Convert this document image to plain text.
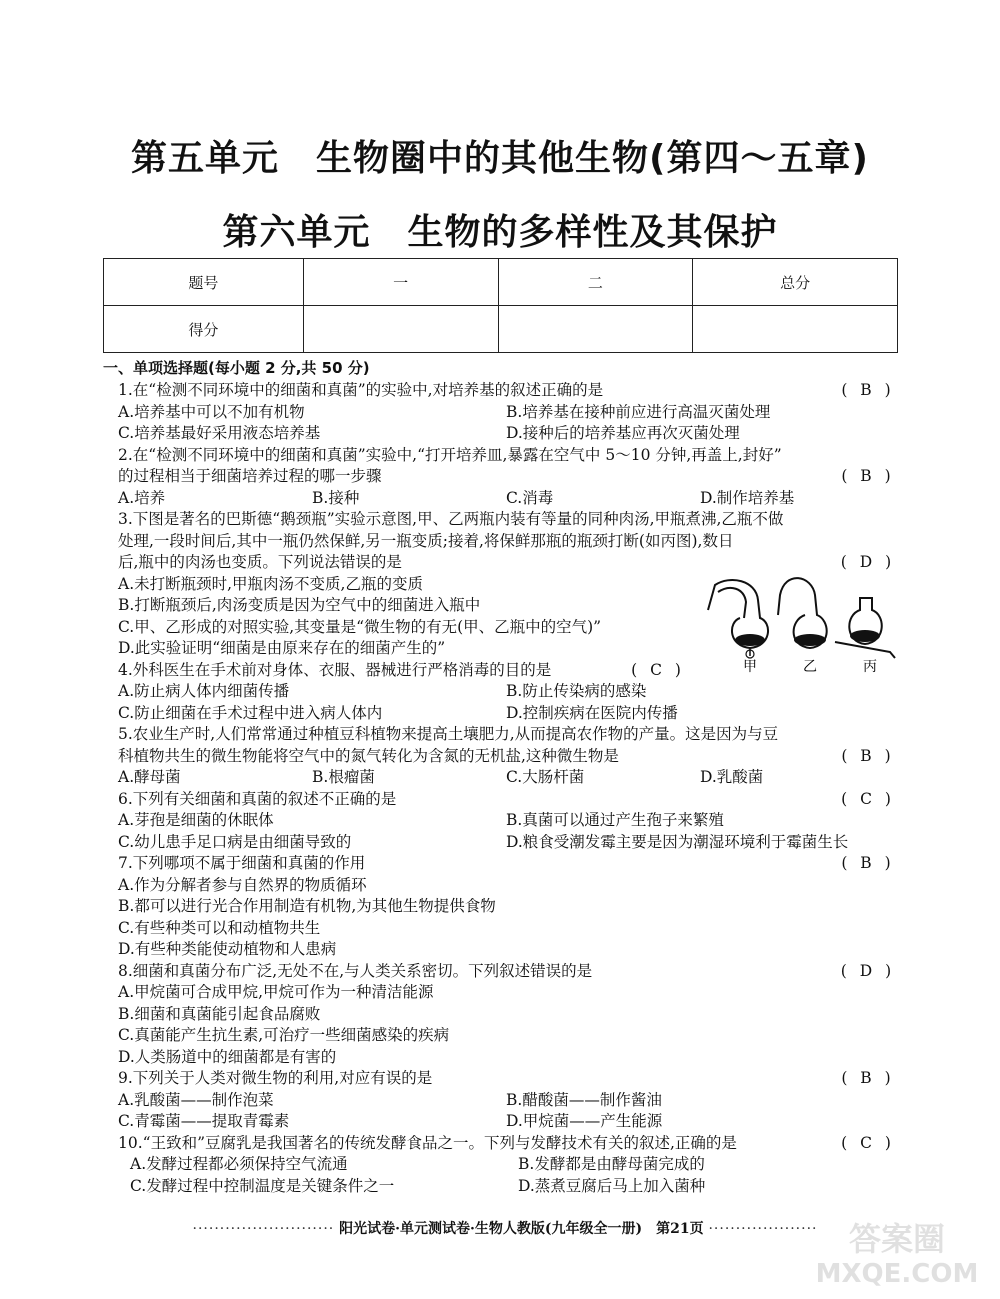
第五单元　生物圈中的其他生物(第四～五章)
第六单元　生物的多样性及其保护
题号	一	二	总分
得分			
一、单项选择题(每小题 2 分,共 50 分)
1.在“检测不同环境中的细菌和真菌”的实验中,对培养基的叙述正确的是	( B )
A.培养基中可以不加有机物	B.培养基在接种前应进行高温灭菌处理
C.培养基最好采用液态培养基	D.接种后的培养基应再次灭菌处理
2.在“检测不同环境中的细菌和真菌”实验中,“打开培养皿,暴露在空气中 5～10 分钟,再盖上,封好”
的过程相当于细菌培养过程的哪一步骤	( B )
A.培养	B.接种	C.消毒	D.制作培养基
3.下图是著名的巴斯德“鹅颈瓶”实验示意图,甲、乙两瓶内装有等量的同种肉汤,甲瓶煮沸,乙瓶不做
处理,一段时间后,其中一瓶仍然保鲜,另一瓶变质;接着,将保鲜那瓶的瓶颈打断(如丙图),数日
后,瓶中的肉汤也变质。下列说法错误的是	( D )
A.未打断瓶颈时,甲瓶肉汤不变质,乙瓶的变质
B.打断瓶颈后,肉汤变质是因为空气中的细菌进入瓶中
C.甲、乙形成的对照实验,其变量是“微生物的有无(甲、乙瓶中的空气)”
D.此实验证明“细菌是由原来存在的细菌产生的”
4.外科医生在手术前对身体、衣服、器械进行严格消毒的目的是	( C )
A.防止病人体内细菌传播	B.防止传染病的感染
C.防止细菌在手术过程中进入病人体内	D.控制疾病在医院内传播
5.农业生产时,人们常常通过种植豆科植物来提高土壤肥力,从而提高农作物的产量。这是因为与豆
科植物共生的微生物能将空气中的氮气转化为含氮的无机盐,这种微生物是	( B )
A.酵母菌	B.根瘤菌	C.大肠杆菌	D.乳酸菌
6.下列有关细菌和真菌的叙述不正确的是	( C )
A.芽孢是细菌的休眠体	B.真菌可以通过产生孢子来繁殖
C.幼儿患手足口病是由细菌导致的	D.粮食受潮发霉主要是因为潮湿环境利于霉菌生长
7.下列哪项不属于细菌和真菌的作用	( B )
A.作为分解者参与自然界的物质循环
B.都可以进行光合作用制造有机物,为其他生物提供食物
C.有些种类可以和动植物共生
D.有些种类能使动植物和人患病
8.细菌和真菌分布广泛,无处不在,与人类关系密切。下列叙述错误的是	( D )
A.甲烷菌可合成甲烷,甲烷可作为一种清洁能源
B.细菌和真菌能引起食品腐败
C.真菌能产生抗生素,可治疗一些细菌感染的疾病
D.人类肠道中的细菌都是有害的
9.下列关于人类对微生物的利用,对应有误的是	( B )
A.乳酸菌——制作泡菜	B.醋酸菌——制作酱油
C.青霉菌——提取青霉素	D.甲烷菌——产生能源
10.“王致和”豆腐乳是我国著名的传统发酵食品之一。下列与发酵技术有关的叙述,正确的是	( C )
A.发酵过程都必须保持空气流通	B.发酵都是由酵母菌完成的
C.发酵过程中控制温度是关键条件之一	D.蒸煮豆腐后马上加入菌种
甲	乙	丙
·························· 阳光试卷·单元测试卷·生物人教版(九年级全一册)　第21页 ···················· 答案圈
MXQE.COM
